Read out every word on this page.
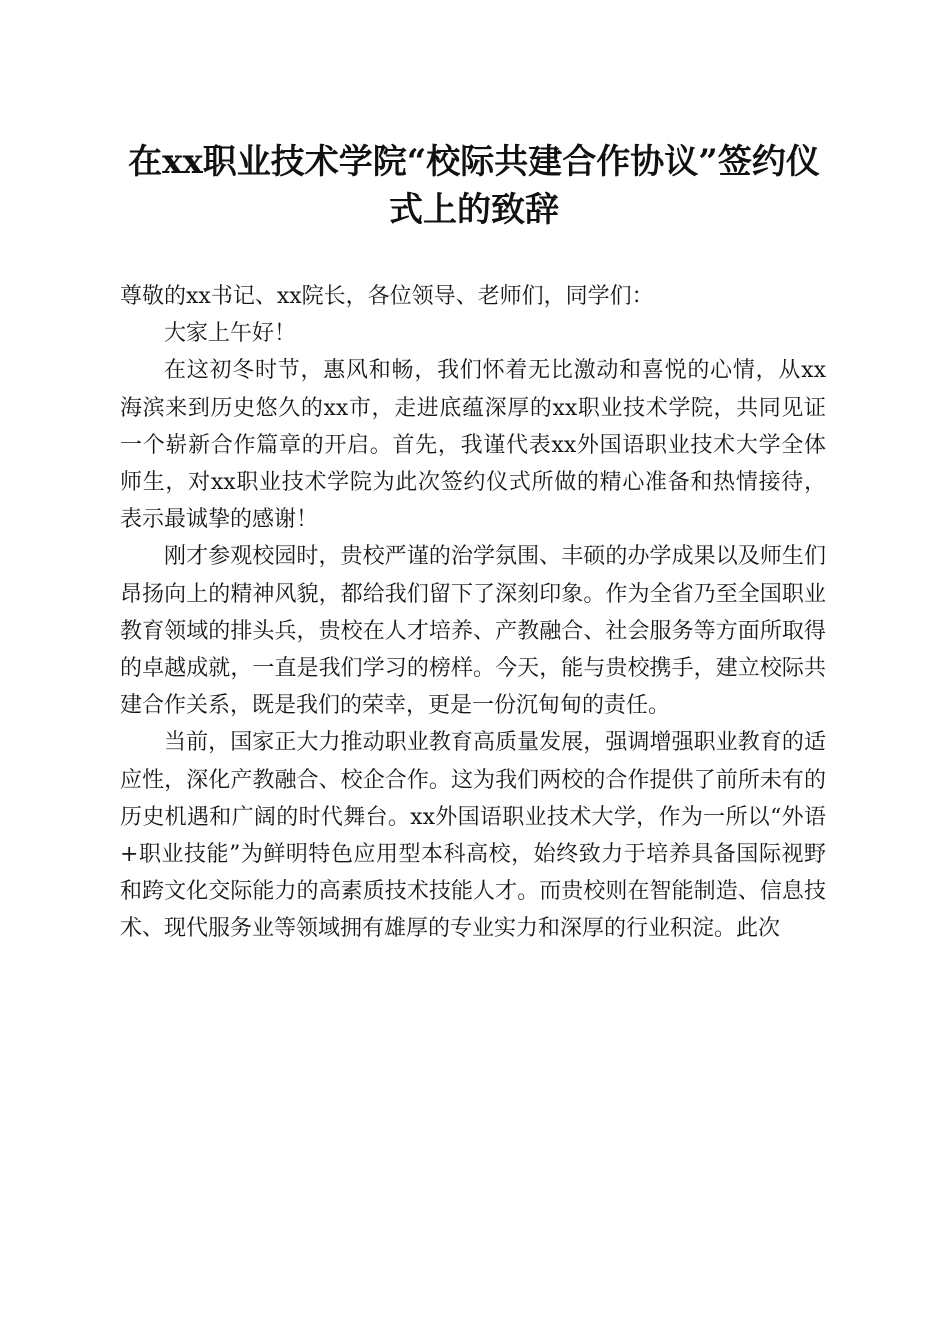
在xx职业技术学院“校际共建合作协议”签约仪式上的致辞

尊敬的xx书记、xx院长，各位领导、老师们，同学们：

大家上午好！

在这初冬时节，惠风和畅，我们怀着无比激动和喜悦的心情，从xx海滨来到历史悠久的xx市，走进底蕴深厚的xx职业技术学院，共同见证一个崭新合作篇章的开启。首先，我谨代表xx外国语职业技术大学全体师生，对xx职业技术学院为此次签约仪式所做的精心准备和热情接待，表示最诚挚的感谢！

刚才参观校园时，贵校严谨的治学氛围、丰硕的办学成果以及师生们昂扬向上的精神风貌，都给我们留下了深刻印象。作为全省乃至全国职业教育领域的排头兵，贵校在人才培养、产教融合、社会服务等方面所取得的卓越成就，一直是我们学习的榜样。今天，能与贵校携手，建立校际共建合作关系，既是我们的荣幸，更是一份沉甸甸的责任。

当前，国家正大力推动职业教育高质量发展，强调增强职业教育的适应性，深化产教融合、校企合作。这为我们两校的合作提供了前所未有的历史机遇和广阔的时代舞台。xx外国语职业技术大学，作为一所以“外语+职业技能”为鲜明特色应用型本科高校，始终致力于培养具备国际视野和跨文化交际能力的高素质技术技能人才。而贵校则在智能制造、信息技术、现代服务业等领域拥有雄厚的专业实力和深厚的行业积淀。此次
